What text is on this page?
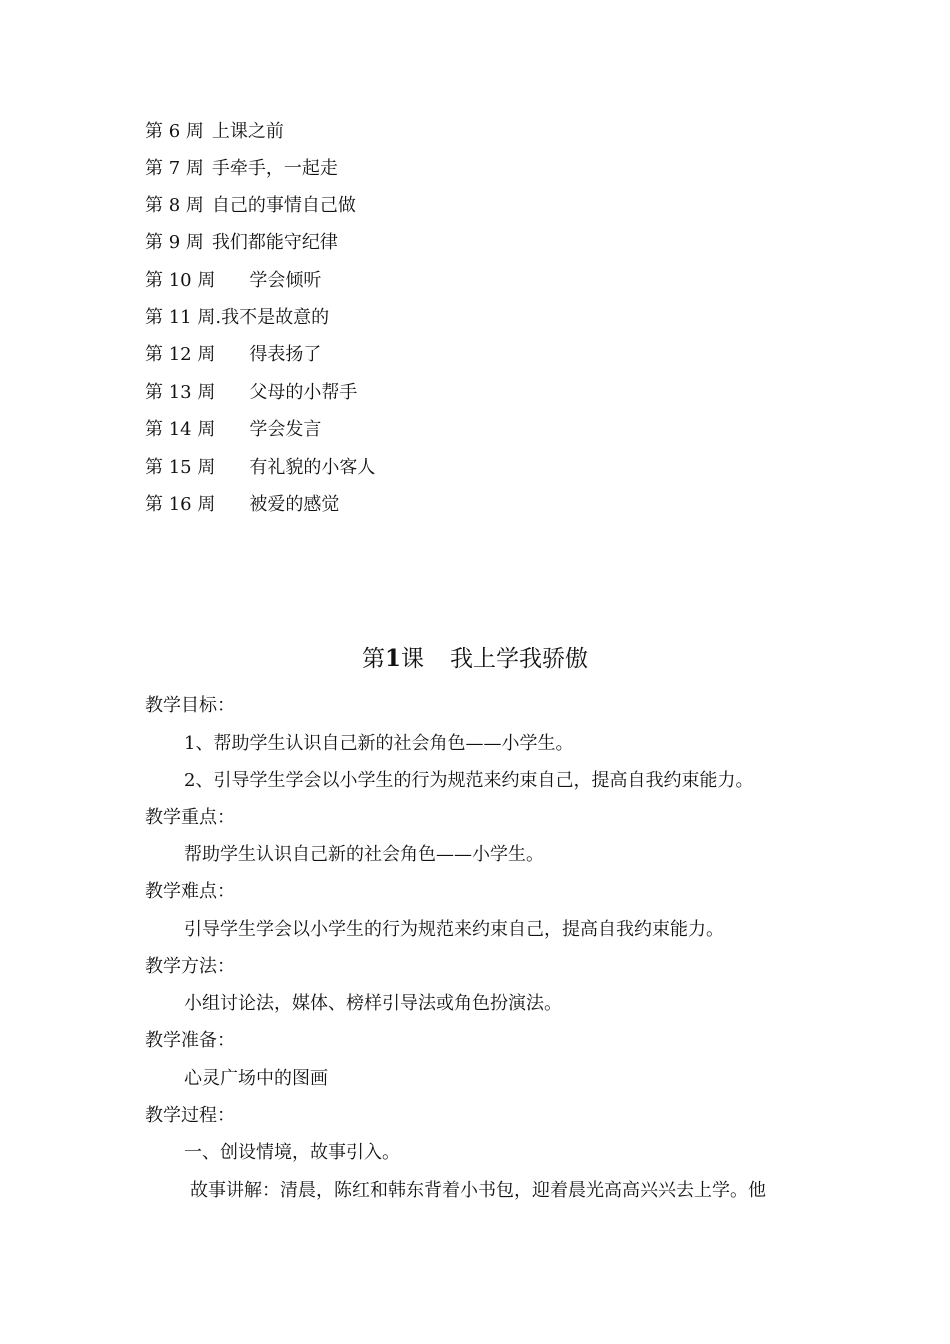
第 6 周 上课之前
第 7 周 手牵手，一起走
第 8 周 自己的事情自己做
第 9 周 我们都能守纪律
第 10 周 学会倾听
第 11 周.我不是故意的
第 12 周 得表扬了
第 13 周 父母的小帮手
第 14 周 学会发言
第 15 周 有礼貌的小客人
第 16 周 被爱的感觉
第1课 我上学我骄傲
教学目标：
1、帮助学生认识自己新的社会角色——小学生。
2、引导学生学会以小学生的行为规范来约束自己，提高自我约束能力。
教学重点：
帮助学生认识自己新的社会角色——小学生。
教学难点：
引导学生学会以小学生的行为规范来约束自己，提高自我约束能力。
教学方法：
小组讨论法，媒体、榜样引导法或角色扮演法。
教学准备：
心灵广场中的图画
教学过程：
一、创设情境，故事引入。
故事讲解：清晨，陈红和韩东背着小书包，迎着晨光高高兴兴去上学。他
